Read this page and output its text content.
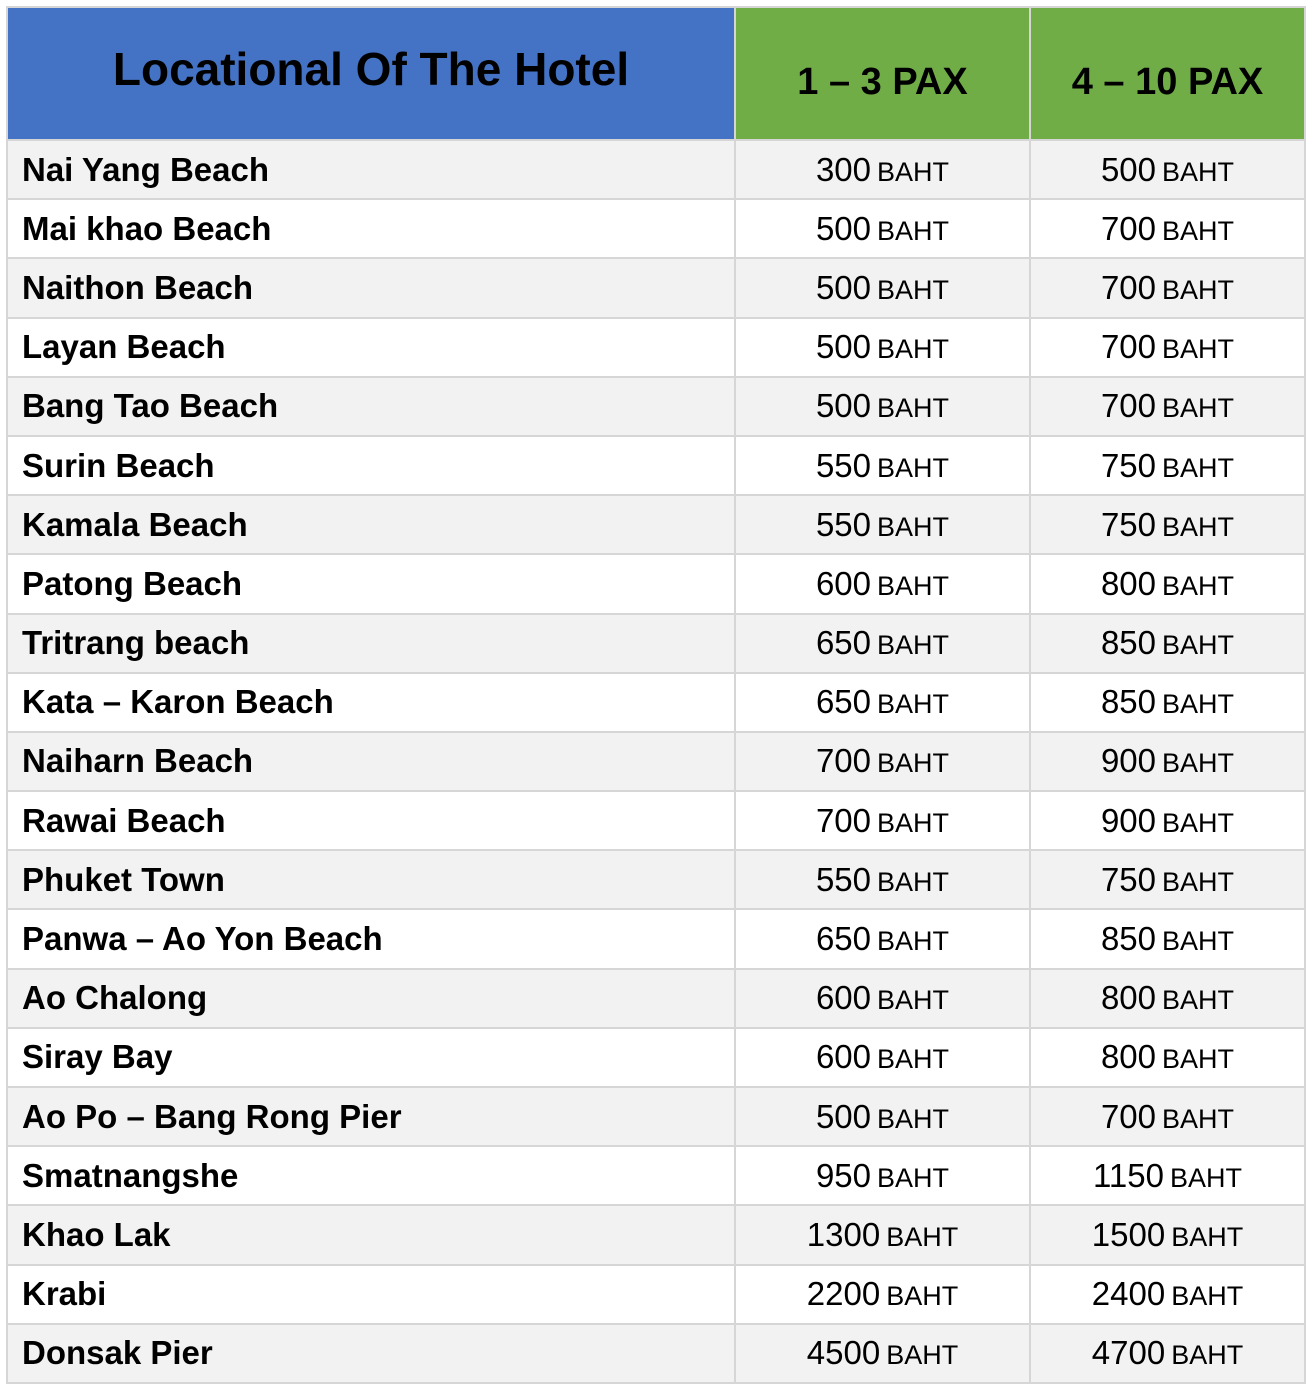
Locational Of The Hotel	1 – 3 PAX	4 – 10 PAX
Nai Yang Beach	300 BAHT	500 BAHT
Mai khao Beach	500 BAHT	700 BAHT
Naithon Beach	500 BAHT	700 BAHT
Layan Beach	500 BAHT	700 BAHT
Bang Tao Beach	500 BAHT	700 BAHT
Surin Beach	550 BAHT	750 BAHT
Kamala Beach	550 BAHT	750 BAHT
Patong Beach	600 BAHT	800 BAHT
Tritrang beach	650 BAHT	850 BAHT
Kata – Karon Beach	650 BAHT	850 BAHT
Naiharn Beach	700 BAHT	900 BAHT
Rawai Beach	700 BAHT	900 BAHT
Phuket Town	550 BAHT	750 BAHT
Panwa – Ao Yon Beach	650 BAHT	850 BAHT
Ao Chalong	600 BAHT	800 BAHT
Siray Bay	600 BAHT	800 BAHT
Ao Po – Bang Rong Pier	500 BAHT	700 BAHT
Smatnangshe	950 BAHT	1150 BAHT
Khao Lak	1300 BAHT	1500 BAHT
Krabi	2200 BAHT	2400 BAHT
Donsak Pier	4500 BAHT	4700 BAHT
